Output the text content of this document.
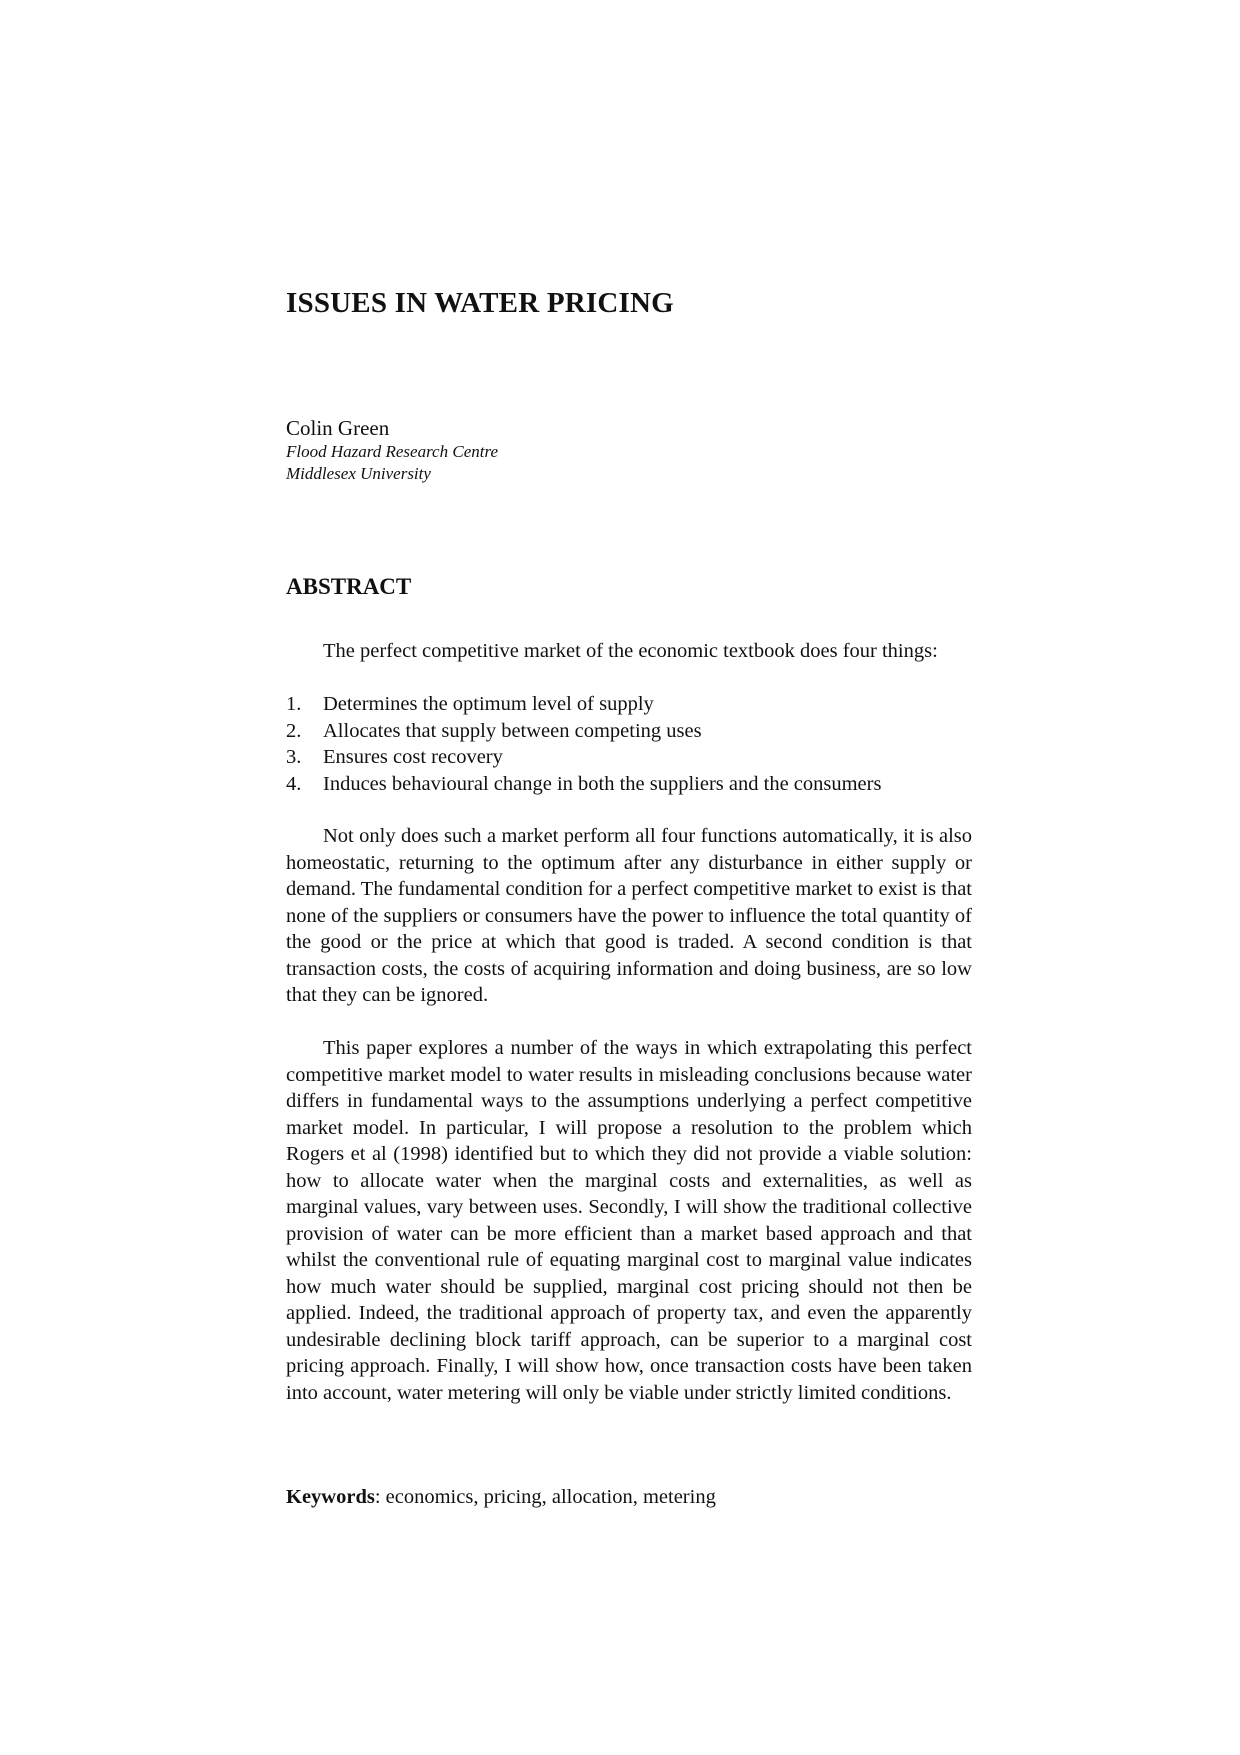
ISSUES IN WATER PRICING
Colin Green
Flood Hazard Research Centre
Middlesex University
ABSTRACT

The perfect competitive market of the economic textbook does four things:

1. Determines the optimum level of supply
2. Allocates that supply between competing uses
3. Ensures cost recovery
4. Induces behavioural change in both the suppliers and the consumers

Not only does such a market perform all four functions automatically, it is also homeostatic, returning to the optimum after any disturbance in either supply or demand. The fundamental condition for a perfect competitive market to exist is that none of the suppliers or consumers have the power to influence the total quantity of the good or the price at which that good is traded. A second condition is that transaction costs, the costs of acquiring information and doing business, are so low that they can be ignored.

This paper explores a number of the ways in which extrapolating this perfect competitive market model to water results in misleading conclusions because water differs in fundamental ways to the assumptions underlying a perfect competitive market model. In particular, I will propose a resolution to the problem which Rogers et al (1998) identified but to which they did not provide a viable solution: how to allocate water when the marginal costs and externalities, as well as marginal values, vary between uses. Secondly, I will show the traditional collective provision of water can be more efficient than a market based approach and that whilst the conventional rule of equating marginal cost to marginal value indicates how much water should be supplied, marginal cost pricing should not then be applied. Indeed, the traditional approach of property tax, and even the apparently undesirable declining block tariff approach, can be superior to a marginal cost pricing approach. Finally, I will show how, once transaction costs have been taken into account, water metering will only be viable under strictly limited conditions.

Keywords: economics, pricing, allocation, metering
